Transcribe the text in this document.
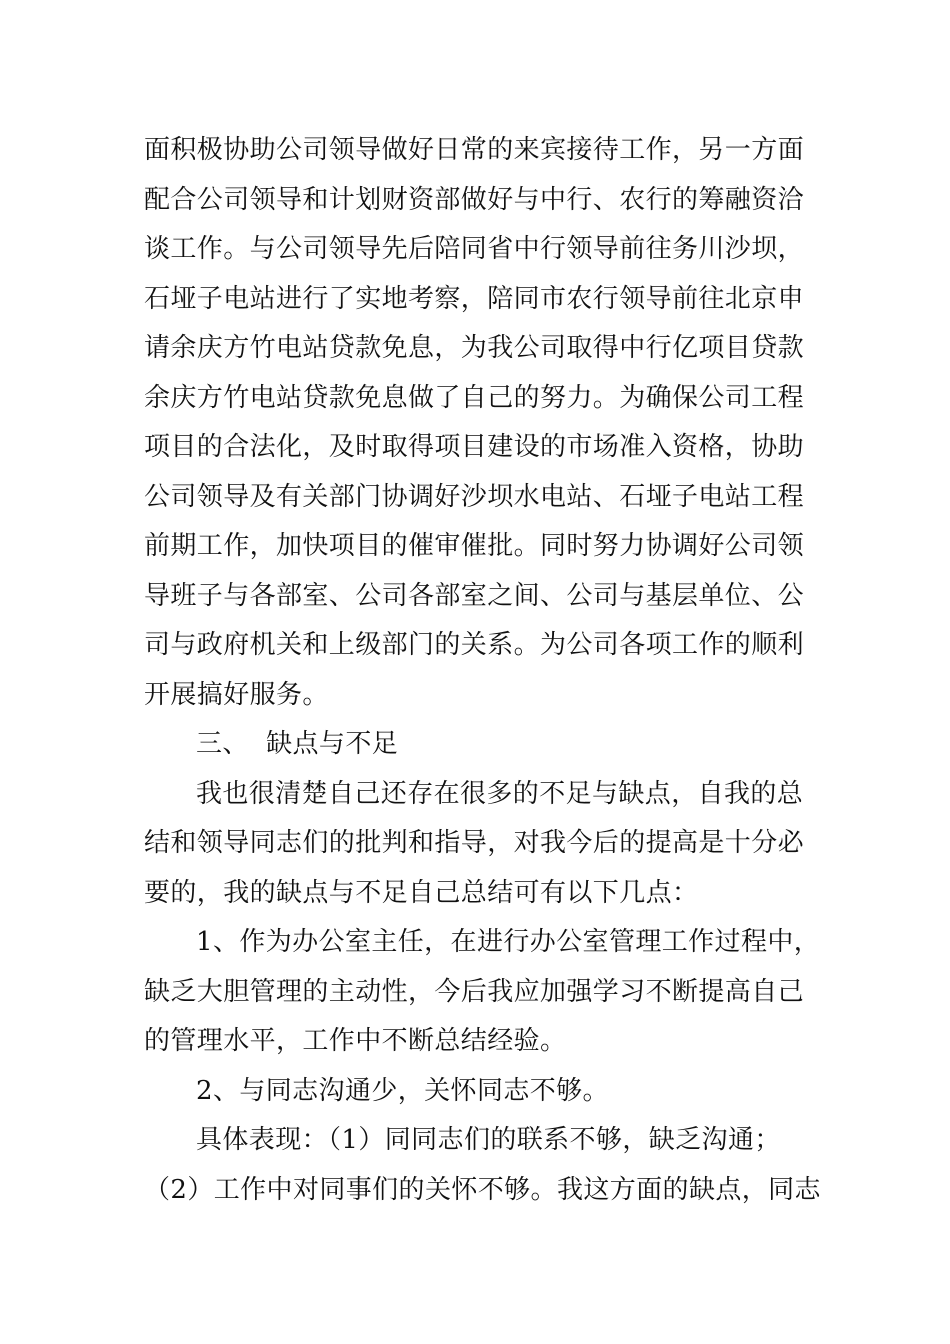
面积极协助公司领导做好日常的来宾接待工作，另一方面
配合公司领导和计划财资部做好与中行、农行的筹融资洽
谈工作。与公司领导先后陪同省中行领导前往务川沙坝，
石垭子电站进行了实地考察，陪同市农行领导前往北京申
请余庆方竹电站贷款免息，为我公司取得中行亿项目贷款
余庆方竹电站贷款免息做了自己的努力。为确保公司工程
项目的合法化，及时取得项目建设的市场准入资格，协助
公司领导及有关部门协调好沙坝水电站、石垭子电站工程
前期工作，加快项目的催审催批。同时努力协调好公司领
导班子与各部室、公司各部室之间、公司与基层单位、公
司与政府机关和上级部门的关系。为公司各项工作的顺利
开展搞好服务。
三、  缺点与不足
我也很清楚自己还存在很多的不足与缺点，自我的总
结和领导同志们的批判和指导，对我今后的提高是十分必
要的，我的缺点与不足自己总结可有以下几点：
1、作为办公室主任，在进行办公室管理工作过程中，
缺乏大胆管理的主动性，今后我应加强学习不断提高自己
的管理水平，工作中不断总结经验。
2、与同志沟通少，关怀同志不够。
具体表现：（1）同同志们的联系不够，缺乏沟通；
（2）工作中对同事们的关怀不够。我这方面的缺点，同志
